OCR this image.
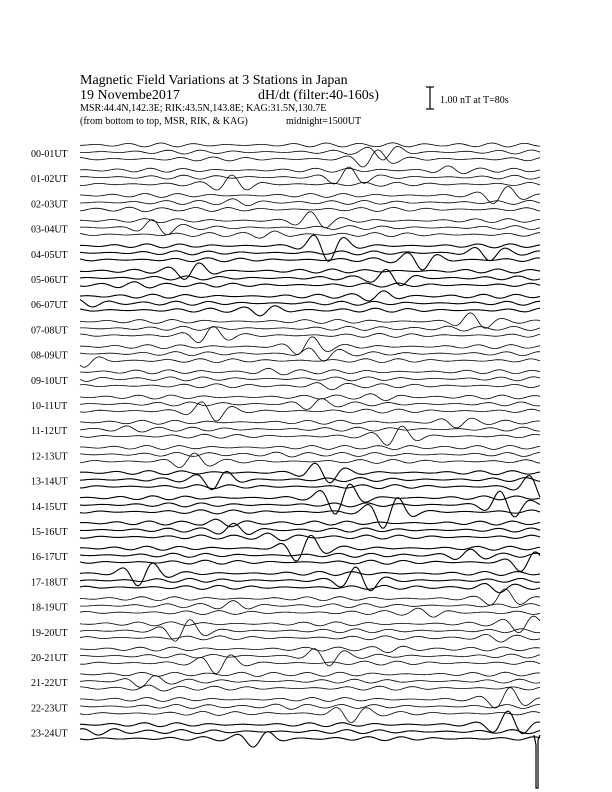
Magnetic Field Variations at 3 Stations in Japan
19 Novembe2017	dH/dt (filter:40-160s)
MSR:44.4N,142.3E; RIK:43.5N,143.8E; KAG:31.5N,130.7E
(from bottom to top, MSR, RIK, & KAG)	midnight=1500UT
1.00 nT at T=80s
00-01UT
01-02UT
02-03UT
03-04UT
04-05UT
05-06UT
06-07UT
07-08UT
08-09UT
09-10UT
10-11UT
11-12UT
12-13UT
13-14UT
14-15UT
15-16UT
16-17UT
17-18UT
18-19UT
19-20UT
20-21UT
21-22UT
22-23UT
23-24UT
